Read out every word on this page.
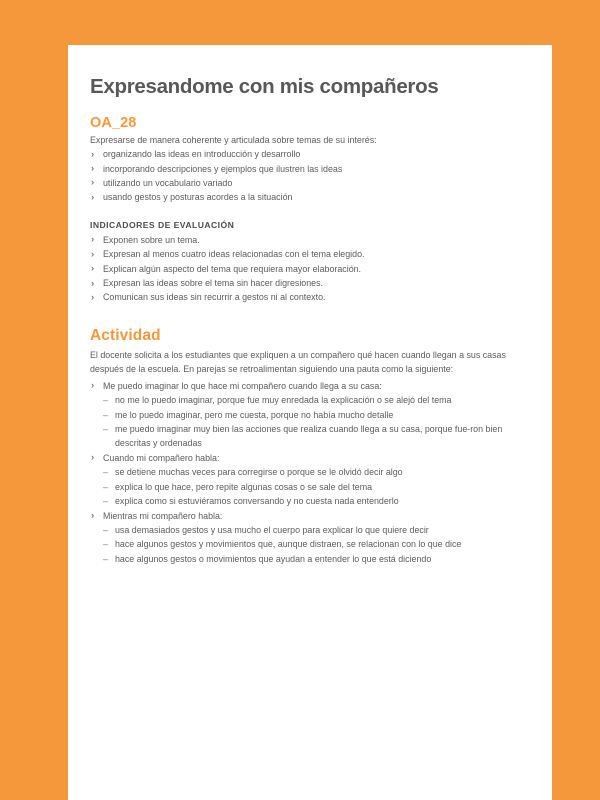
Expresandome con mis compañeros
OA_28

Expresarse de manera coherente y articulada sobre temas de su interés:

› organizando las ideas en introducción y desarrollo
› incorporando descripciones y ejemplos que ilustren las ideas
› utilizando un vocabulario variado
› usando gestos y posturas acordes a la situación
INDICADORES DE EVALUACIÓN
› Exponen sobre un tema.
› Expresan al menos cuatro ideas relacionadas con el tema elegido.
› Explican algún aspecto del tema que requiera mayor elaboración.
› Expresan las ideas sobre el tema sin hacer digresiones.
› Comunican sus ideas sin recurrir a gestos ni al contexto.
Actividad

El docente solicita a los estudiantes que expliquen a un compañero qué hacen cuando llegan a sus casas después de la escuela. En parejas se retroalimentan siguiendo una pauta como la siguiente:

› Me puedo imaginar lo que hace mi compañero cuando llega a su casa:
– no me lo puedo imaginar, porque fue muy enredada la explicación o se alejó del tema
– me lo puedo imaginar, pero me cuesta, porque no había mucho detalle
– me puedo imaginar muy bien las acciones que realiza cuando llega a su casa, porque fue-ron bien descritas y ordenadas
› Cuando mi compañero habla:
– se detiene muchas veces para corregirse o porque se le olvidó decir algo
– explica lo que hace, pero repite algunas cosas o se sale del tema
– explica como si estuviéramos conversando y no cuesta nada entenderlo
› Mientras mi compañero habla:
– usa demasiados gestos y usa mucho el cuerpo para explicar lo que quiere decir
– hace algunos gestos y movimientos que, aunque distraen, se relacionan con lo que dice
– hace algunos gestos o movimientos que ayudan a entender lo que está diciendo
